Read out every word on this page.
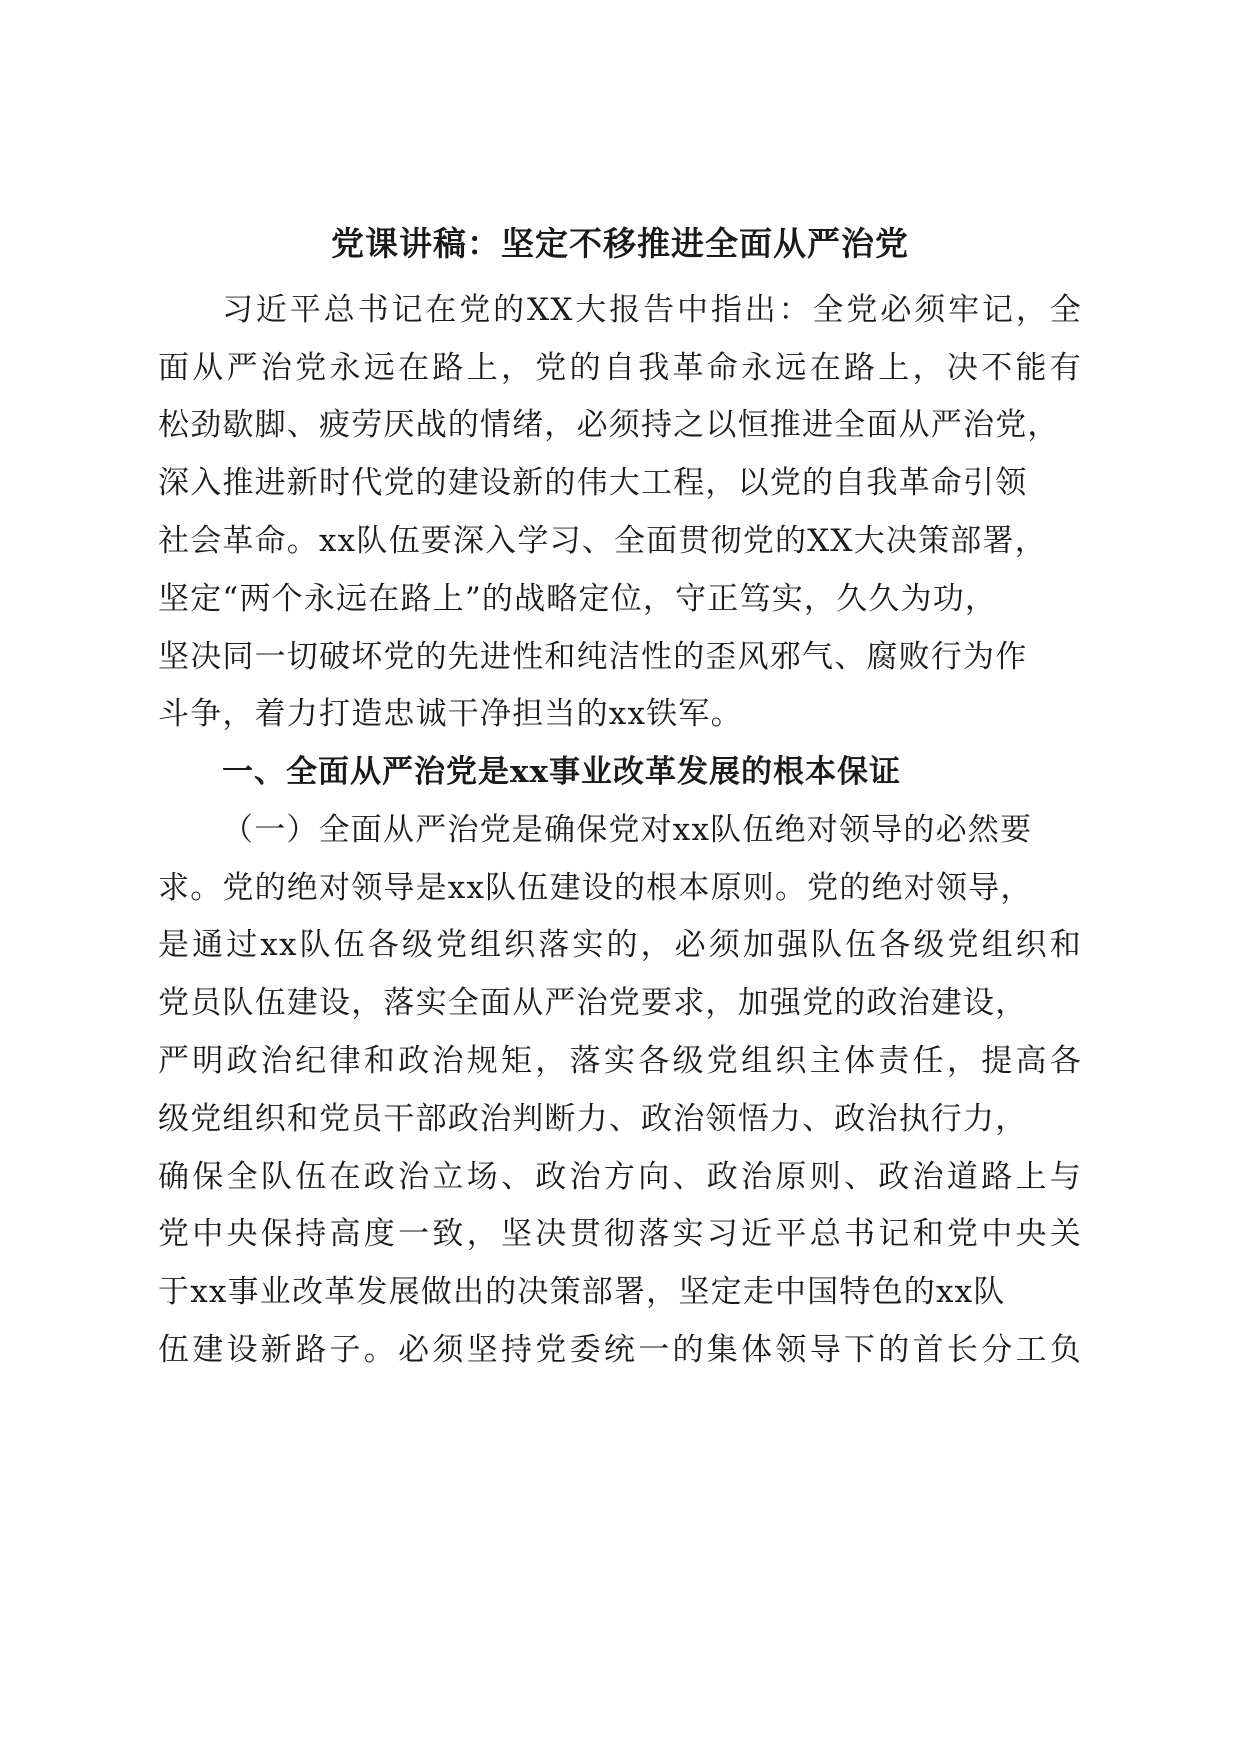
党课讲稿：坚定不移推进全面从严治党
习近平总书记在党的XX大报告中指出：全党必须牢记，全
面从严治党永远在路上，党的自我革命永远在路上，决不能有
松劲歇脚、疲劳厌战的情绪，必须持之以恒推进全面从严治党，
深入推进新时代党的建设新的伟大工程，以党的自我革命引领
社会革命。xx队伍要深入学习、全面贯彻党的XX大决策部署，
坚定“两个永远在路上”的战略定位，守正笃实，久久为功，
坚决同一切破坏党的先进性和纯洁性的歪风邪气、腐败行为作
斗争，着力打造忠诚干净担当的xx铁军。
一、全面从严治党是xx事业改革发展的根本保证
（一）全面从严治党是确保党对xx队伍绝对领导的必然要
求。党的绝对领导是xx队伍建设的根本原则。党的绝对领导，
是通过xx队伍各级党组织落实的，必须加强队伍各级党组织和
党员队伍建设，落实全面从严治党要求，加强党的政治建设，
严明政治纪律和政治规矩，落实各级党组织主体责任，提高各
级党组织和党员干部政治判断力、政治领悟力、政治执行力，
确保全队伍在政治立场、政治方向、政治原则、政治道路上与
党中央保持高度一致，坚决贯彻落实习近平总书记和党中央关
于xx事业改革发展做出的决策部署，坚定走中国特色的xx队
伍建设新路子。必须坚持党委统一的集体领导下的首长分工负
